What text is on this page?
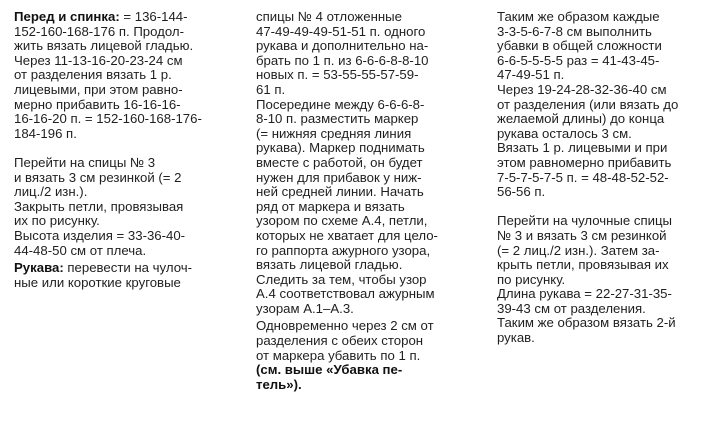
Перед и спинка: = 136-144-
152-160-168-176 п. Продол-
жить вязать лицевой гладью.
Через 11-13-16-20-23-24 см
от разделения вязать 1 р.
лицевыми, при этом равно-
мерно прибавить 16-16-16-
16-16-20 п. = 152-160-168-176-
184-196 п.

Перейти на спицы № 3
и вязать 3 см резинкой (= 2
лиц./2 изн.).
Закрыть петли, провязывая
их по рисунку.
Высота изделия = 33-36-40-
44-48-50 см от плеча.

Рукава: перевести на чулоч-
ные или короткие круговые

спицы № 4 отложенные
47-49-49-49-51-51 п. одного
рукава и дополнительно на-
брать по 1 п. из 6-6-6-8-8-10
новых п. = 53-55-55-57-59-
61 п.

Посередине между 6-6-6-8-
8-10 п. разместить маркер
(= нижняя средняя линия
рукава). Маркер поднимать
вместе с работой, он будет
нужен для прибавок у ниж-
ней средней линии. Начать
ряд от маркера и вязать
узором по схеме А.4, петли,
которых не хватает для цело-
го раппорта ажурного узора,
вязать лицевой гладью.
Следить за тем, чтобы узор
А.4 соответствовал ажурным
узорам А.1–А.3.

Одновременно через 2 см от
разделения с обеих сторон
от маркера убавить по 1 п.
(см. выше «Убавка пе-
тель»).

Таким же образом каждые
3-3-5-6-7-8 см выполнить
убавки в общей сложности
6-6-5-5-5-5 раз = 41-43-45-
47-49-51 п.
Через 19-24-28-32-36-40 см
от разделения (или вязать до
желаемой длины) до конца
рукава осталось 3 см.
Вязать 1 р. лицевыми и при
этом равномерно прибавить
7-5-7-5-7-5 п. = 48-48-52-52-
56-56 п.

Перейти на чулочные спицы
№ 3 и вязать 3 см резинкой
(= 2 лиц./2 изн.). Затем за-
крыть петли, провязывая их
по рисунку.
Длина рукава = 22-27-31-35-
39-43 см от разделения.
Таким же образом вязать 2-й
рукав.
